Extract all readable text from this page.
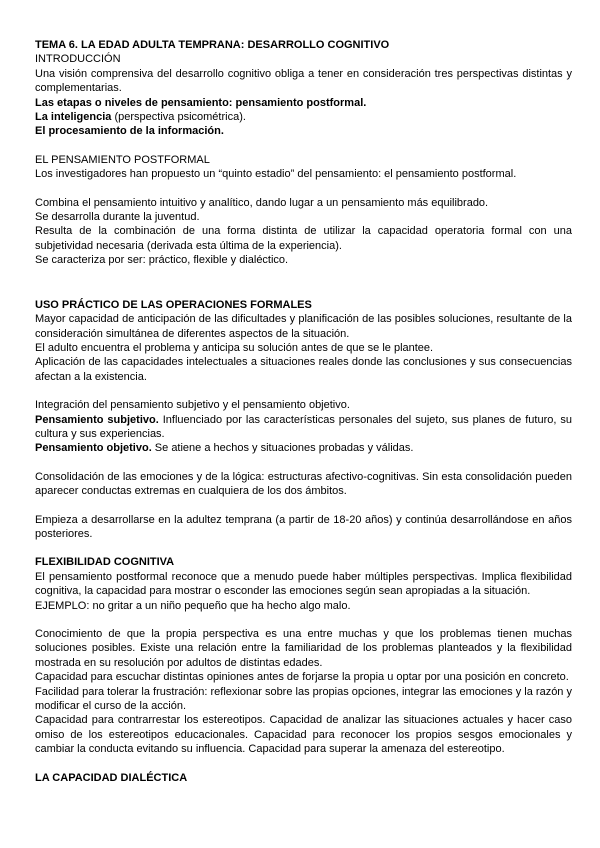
TEMA 6. LA EDAD ADULTA TEMPRANA: DESARROLLO COGNITIVO

INTRODUCCIÓN

Una visión comprensiva del desarrollo cognitivo obliga a tener en consideración tres perspectivas distintas y complementarias.

Las etapas o niveles de pensamiento: pensamiento postformal.

La inteligencia (perspectiva psicométrica).

El procesamiento de la información.

EL PENSAMIENTO POSTFORMAL

Los investigadores han propuesto un “quinto estadio” del pensamiento: el pensamiento postformal.

Combina el pensamiento intuitivo y analítico, dando lugar a un pensamiento más equilibrado.

Se desarrolla durante la juventud.

Resulta de la combinación de una forma distinta de utilizar la capacidad operatoria formal con una subjetividad necesaria (derivada esta última de la experiencia).

Se caracteriza por ser: práctico, flexible y dialéctico.

USO PRÁCTICO DE LAS OPERACIONES FORMALES

Mayor capacidad de anticipación de las dificultades y planificación de las posibles soluciones, resultante de la consideración simultánea de diferentes aspectos de la situación.

El adulto encuentra el problema y anticipa su solución antes de que se le plantee.

Aplicación de las capacidades intelectuales a situaciones reales donde las conclusiones y sus consecuencias afectan a la existencia.

Integración del pensamiento subjetivo y el pensamiento objetivo.

Pensamiento subjetivo. Influenciado por las características personales del sujeto, sus planes de futuro, su cultura y sus experiencias.

Pensamiento objetivo. Se atiene a hechos y situaciones probadas y válidas.

Consolidación de las emociones y de la lógica: estructuras afectivo-cognitivas. Sin esta consolidación pueden aparecer conductas extremas en cualquiera de los dos ámbitos.

Empieza a desarrollarse en la adultez temprana (a partir de 18-20 años) y continúa desarrollándose en años posteriores.

FLEXIBILIDAD COGNITIVA

El pensamiento postformal reconoce que a menudo puede haber múltiples perspectivas. Implica flexibilidad cognitiva, la capacidad para mostrar o esconder las emociones según sean apropiadas a la situación.

EJEMPLO: no gritar a un niño pequeño que ha hecho algo malo.

Conocimiento de que la propia perspectiva es una entre muchas y que los problemas tienen muchas soluciones posibles. Existe una relación entre la familiaridad de los problemas planteados y la flexibilidad mostrada en su resolución por adultos de distintas edades.

Capacidad para escuchar distintas opiniones antes de forjarse la propia u optar por una posición en concreto.

Facilidad para tolerar la frustración: reflexionar sobre las propias opciones, integrar las emociones y la razón y modificar el curso de la acción.

Capacidad para contrarrestar los estereotipos. Capacidad de analizar las situaciones actuales y hacer caso omiso de los estereotipos educacionales. Capacidad para reconocer los propios sesgos emocionales y cambiar la conducta evitando su influencia. Capacidad para superar la amenaza del estereotipo.

LA CAPACIDAD DIALÉCTICA
